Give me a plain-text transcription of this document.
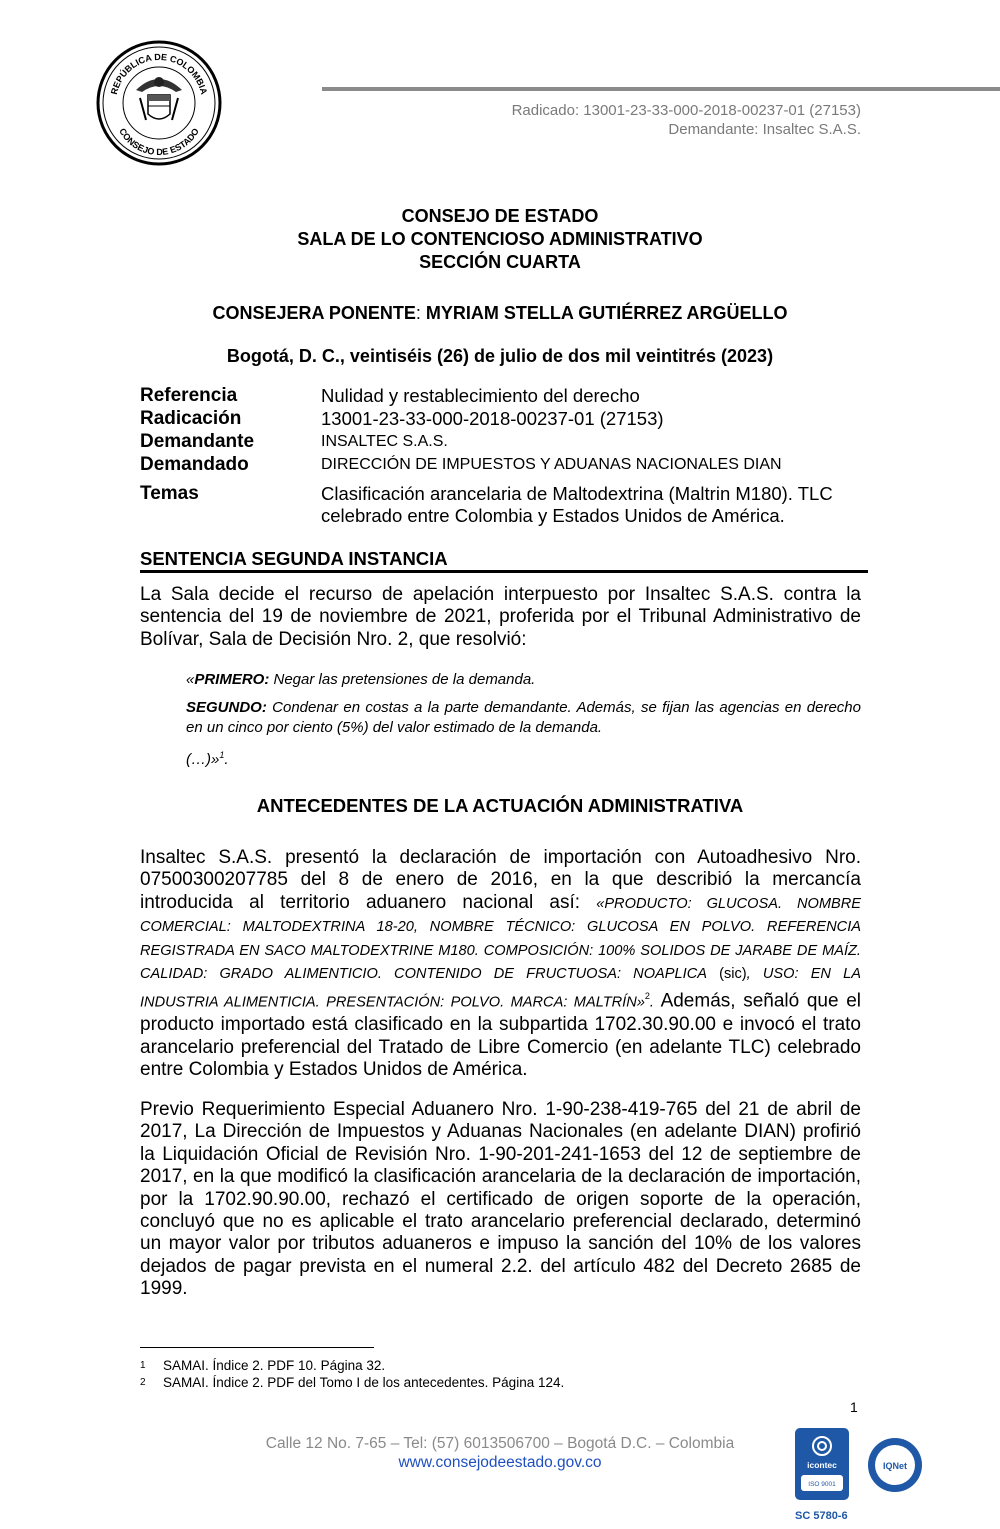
REPÚBLICA DE COLOMBIA
CONSEJO DE ESTADO
Radicado: 13001-23-33-000-2018-00237-01 (27153)
Demandante: Insaltec S.A.S.
CONSEJO DE ESTADO
SALA DE LO CONTENCIOSO ADMINISTRATIVO
SECCIÓN CUARTA
CONSEJERA PONENTE: MYRIAM STELLA GUTIÉRREZ ARGÜELLO
Bogotá, D. C., veintiséis (26) de julio de dos mil veintitrés (2023)
Referencia	Nulidad y restablecimiento del derecho
Radicación	13001-23-33-000-2018-00237-01 (27153)
Demandante	INSALTEC S.A.S.
Demandado	DIRECCIÓN DE IMPUESTOS Y ADUANAS NACIONALES DIAN
Temas	Clasificación arancelaria de Maltodextrina (Maltrin M180). TLC celebrado entre Colombia y Estados Unidos de América.
SENTENCIA SEGUNDA INSTANCIA
La Sala decide el recurso de apelación interpuesto por Insaltec S.A.S. contra la sentencia del 19 de noviembre de 2021, proferida por el Tribunal Administrativo de Bolívar, Sala de Decisión Nro. 2, que resolvió:
«PRIMERO: Negar las pretensiones de la demanda.
SEGUNDO: Condenar en costas a la parte demandante. Además, se fijan las agencias en derecho en un cinco por ciento (5%) del valor estimado de la demanda.
(…)»$^1$.
ANTECEDENTES DE LA ACTUACIÓN ADMINISTRATIVA
Insaltec S.A.S. presentó la declaración de importación con Autoadhesivo Nro. 07500300207785 del 8 de enero de 2016, en la que describió la mercancía introducida al territorio aduanero nacional así: «PRODUCTO: GLUCOSA. NOMBRE COMERCIAL: MALTODEXTRINA 18-20, NOMBRE TÉCNICO: GLUCOSA EN POLVO. REFERENCIA REGISTRADA EN SACO MALTODEXTRINE M180. COMPOSICIÓN: 100% SOLIDOS DE JARABE DE MAÍZ. CALIDAD: GRADO ALIMENTICIO. CONTENIDO DE FRUCTUOSA: NOAPLICA (sic), USO: EN LA INDUSTRIA ALIMENTICIA. PRESENTACIÓN: POLVO. MARCA: MALTRÍN»$^2$. Además, señaló que el producto importado está clasificado en la subpartida 1702.30.90.00 e invocó el trato arancelario preferencial del Tratado de Libre Comercio (en adelante TLC) celebrado entre Colombia y Estados Unidos de América.
Previo Requerimiento Especial Aduanero Nro. 1-90-238-419-765 del 21 de abril de 2017, La Dirección de Impuestos y Aduanas Nacionales (en adelante DIAN) profirió la Liquidación Oficial de Revisión Nro. 1-90-201-241-1653 del 12 de septiembre de 2017, en la que modificó la clasificación arancelaria de la declaración de importación, por la 1702.90.90.00, rechazó el certificado de origen soporte de la operación, concluyó que no es aplicable el trato arancelario preferencial declarado, determinó un mayor valor por tributos aduaneros e impuso la sanción del 10% de los valores dejados de pagar prevista en el numeral 2.2. del artículo 482 del Decreto 2685 de 1999.
1 SAMAI. Índice 2. PDF 10. Página 32.
2 SAMAI. Índice 2. PDF del Tomo I de los antecedentes. Página 124.
1
Calle 12 No. 7-65 – Tel: (57) 6013506700 – Bogotá D.C. – Colombia
www.consejodeestado.gov.co	icontec
ISO 9001
IQNet
SC 5780-6
